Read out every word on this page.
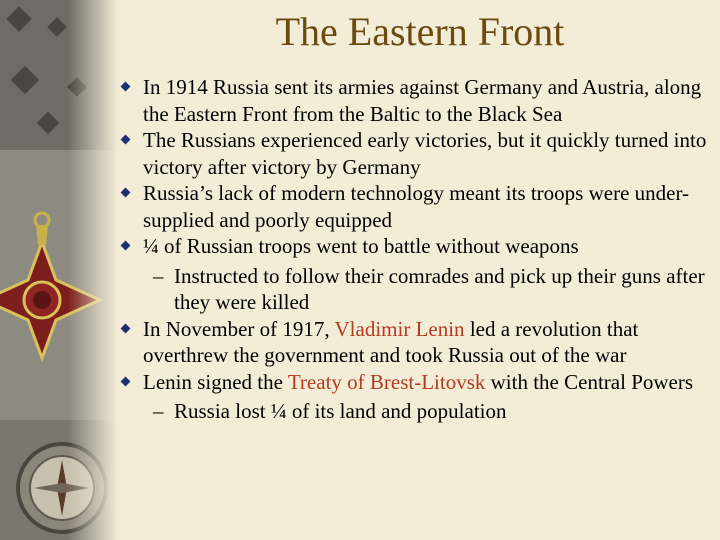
The Eastern Front
In 1914 Russia sent its armies against Germany and Austria, along the Eastern Front from the Baltic to the Black Sea
The Russians experienced early victories, but it quickly turned into victory after victory by Germany
Russia’s lack of modern technology meant its troops were under-supplied and poorly equipped
¼ of Russian troops went to battle without weapons
– Instructed to follow their comrades and pick up their guns after they were killed
In November of 1917, Vladimir Lenin led a revolution that overthrew the government and took Russia out of the war
Lenin signed the Treaty of Brest-Litovsk with the Central Powers
– Russia lost ¼ of its land and population
